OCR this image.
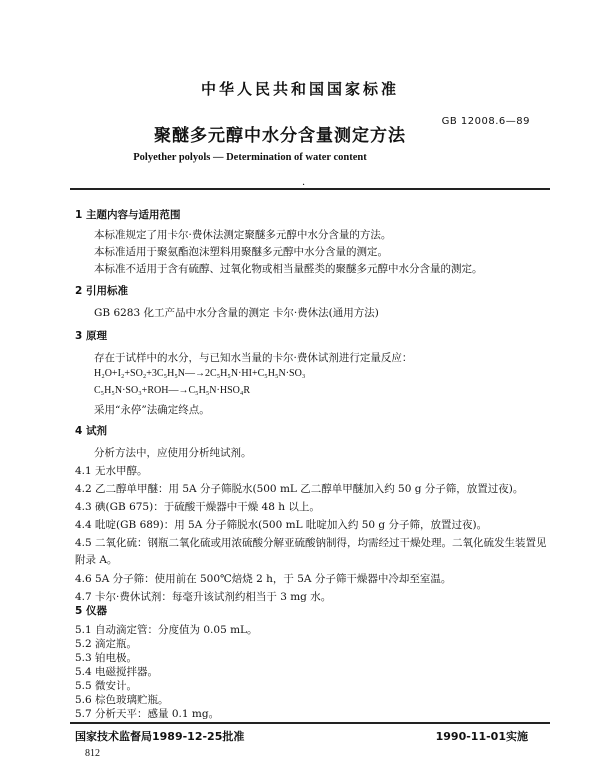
中华人民共和国国家标准
GB 12008.6—89
聚醚多元醇中水分含量测定方法
Polyether polyols — Determination of water content
·
1 主题内容与适用范围
本标准规定了用卡尔·费休法测定聚醚多元醇中水分含量的方法。
本标准适用于聚氨酯泡沫塑料用聚醚多元醇中水分含量的测定。
本标准不适用于含有硫醇、过氧化物或相当量醛类的聚醚多元醇中水分含量的测定。
2 引用标准
GB 6283 化工产品中水分含量的测定 卡尔·费休法(通用方法)
3 原理
存在于试样中的水分，与已知水当量的卡尔·费休试剂进行定量反应：
H₂O+I₂+SO₂+3C₅H₅N—→2C₅H₅N·HI+C₅H₅N·SO₃
C₅H₅N·SO₃+ROH—→C₅H₅N·HSO₄R
采用“永停”法确定终点。
4 试剂
分析方法中，应使用分析纯试剂。
4.1 无水甲醇。
4.2 乙二醇单甲醚：用 5A 分子筛脱水(500 mL 乙二醇单甲醚加入约 50 g 分子筛，放置过夜)。
4.3 碘(GB 675)：于硫酸干燥器中干燥 48 h 以上。
4.4 吡啶(GB 689)：用 5A 分子筛脱水(500 mL 吡啶加入约 50 g 分子筛，放置过夜)。
4.5 二氧化硫：钢瓶二氧化硫或用浓硫酸分解亚硫酸钠制得，均需经过干燥处理。二氧化硫发生装置见
附录 A。
4.6 5A 分子筛：使用前在 500℃焙烧 2 h，于 5A 分子筛干燥器中冷却至室温。
4.7 卡尔·费休试剂：每毫升该试剂约相当于 3 mg 水。
5 仪器
国家技术监督局1989-12-25批准	1990-11-01实施
812
5.1 自动滴定管：分度值为 0.05 mL。
5.2 滴定瓶。
5.3 铂电极。
5.4 电磁搅拌器。
5.5 微安计。
5.6 棕色玻璃贮瓶。
5.7 分析天平：感量 0.1 mg。
